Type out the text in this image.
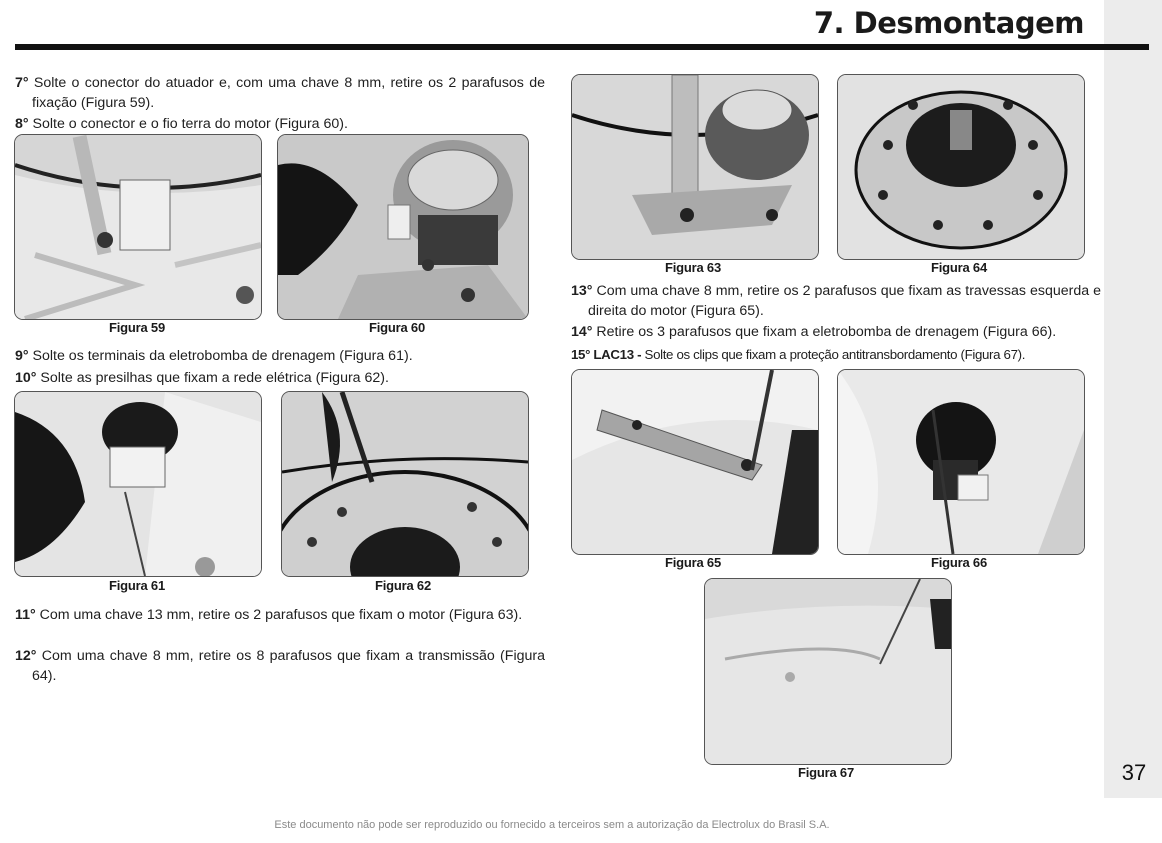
7. Desmontagem
7° Solte o conector do atuador e, com uma chave 8 mm, retire os 2 parafusos de fixação (Figura 59).
8° Solte o conector e o fio terra do motor (Figura 60).
Figura 59	Figura 60
9° Solte os terminais da eletrobomba de drenagem (Figura 61).
10° Solte as presilhas que fixam a rede elétrica (Figura 62).
Figura 61	Figura 62
11° Com uma chave 13 mm, retire os 2 parafusos que fixam o motor (Figura 63).
12° Com uma chave 8 mm, retire os 8 parafusos que fixam a transmissão (Figura 64).
Figura 63	Figura 64
13° Com uma chave 8 mm, retire os 2 parafusos que fixam as travessas esquerda e direita do motor (Figura 65).
14° Retire os 3 parafusos que fixam a eletrobomba de drenagem (Figura 66).
15° LAC13 - Solte os clips que fixam a proteção antitransbordamento (Figura 67).
Figura 65	Figura 66
Figura 67	37
Este documento não pode ser reproduzido ou fornecido a terceiros sem a autorização da Electrolux do Brasil S.A.
